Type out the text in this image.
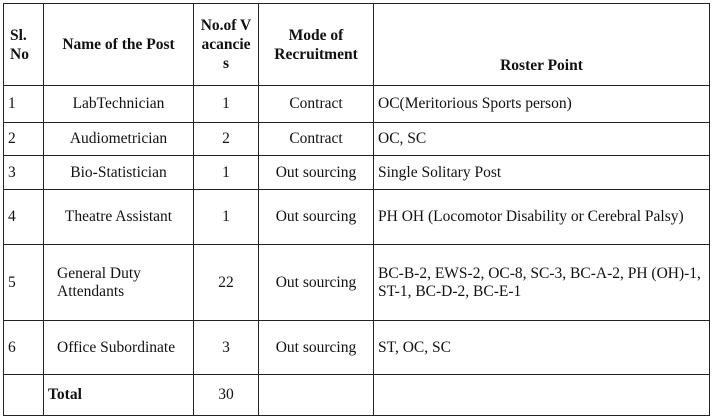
Sl. No	Name of the Post	No.of Vacancies	Mode of Recruitment	Roster Point
1	LabTechnician	1	Contract	OC(Meritorious Sports person)
2	Audiometrician	2	Contract	OC, SC
3	Bio-Statistician	1	Out sourcing	Single Solitary Post
4	Theatre Assistant	1	Out sourcing	PH OH (Locomotor Disability or Cerebral Palsy)
5	General Duty Attendants	22	Out sourcing	BC-B-2, EWS-2, OC-8, SC-3, BC-A-2, PH (OH)-1, ST-1, BC-D-2, BC-E-1
6	Office Subordinate	3	Out sourcing	ST, OC, SC
	Total	30		
